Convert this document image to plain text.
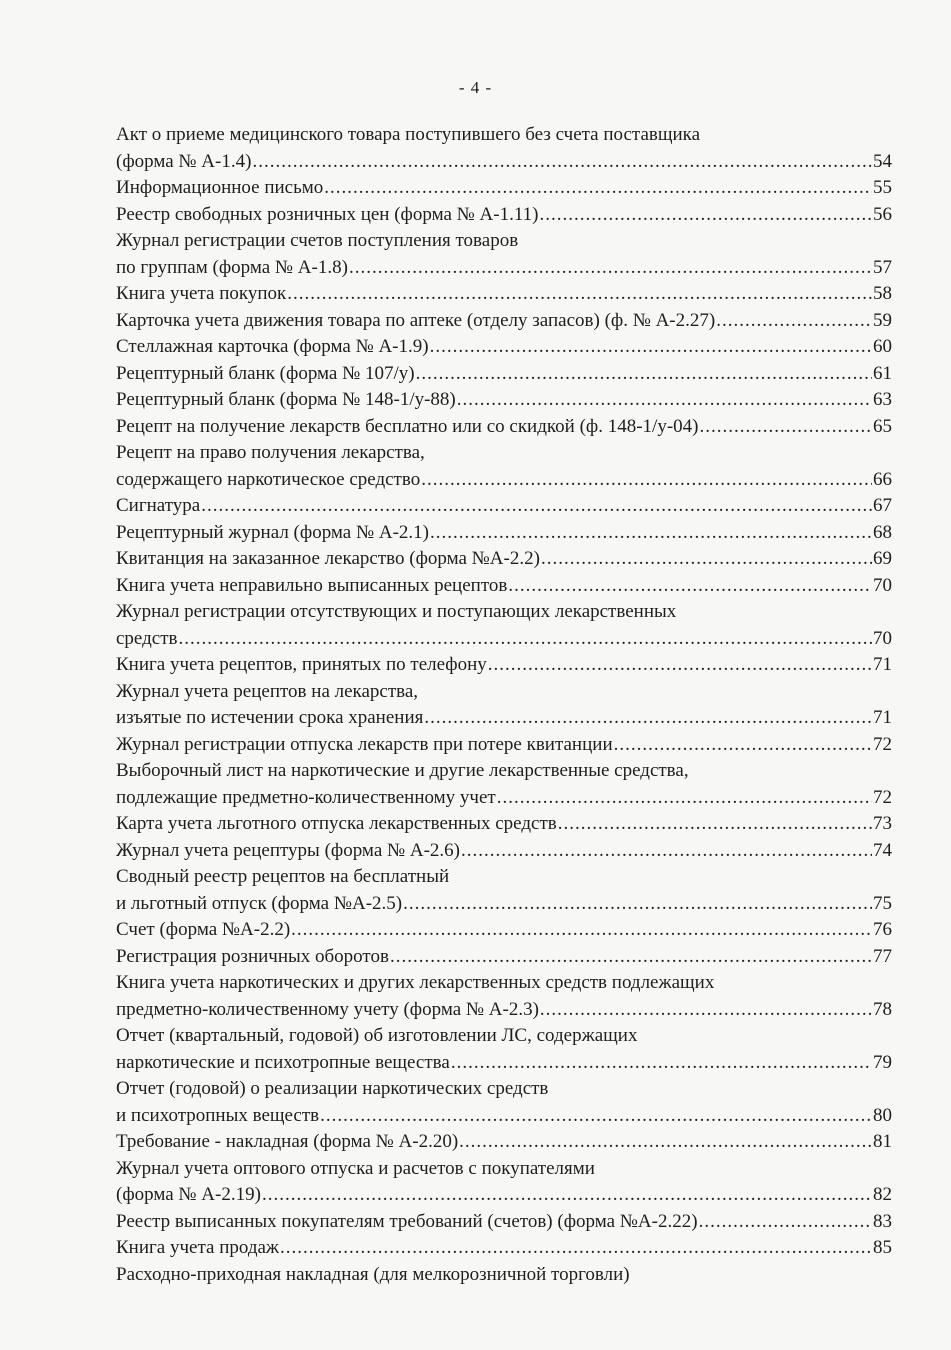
- 4 -
Акт о приеме медицинского товара поступившего без счета поставщика
(форма № А-1.4) .....	54
Информационное письмо .....	55
Реестр свободных розничных цен (форма № А-1.11) .....	56
Журнал регистрации счетов поступления товаров
по группам (форма № А-1.8) .....	57
Книга учета покупок .....	58
Карточка учета движения товара по аптеке (отделу запасов) (ф. № А-2.27) .....	59
Стеллажная карточка (форма № А-1.9) .....	60
Рецептурный бланк (форма № 107/у) .....	61
Рецептурный бланк (форма № 148-1/у-88) .....	63
Рецепт на получение лекарств бесплатно или со скидкой (ф. 148-1/у-04) .....	65
Рецепт на право получения лекарства,
содержащего наркотическое средство .....	66
Сигнатура .....	67
Рецептурный журнал (форма № А-2.1) .....	68
Квитанция на заказанное лекарство (форма №А-2.2) .....	69
Книга учета неправильно выписанных рецептов .....	70
Журнал регистрации отсутствующих и поступающих лекарственных
средств .....	70
Книга учета рецептов, принятых по телефону .....	71
Журнал учета рецептов на лекарства,
изъятые по истечении срока хранения .....	71
Журнал регистрации отпуска лекарств при потере квитанции .....	72
Выборочный лист на наркотические и другие лекарственные средства,
подлежащие предметно-количественному учет .....	72
Карта учета льготного отпуска лекарственных средств .....	73
Журнал учета рецептуры (форма № А-2.6) .....	74
Сводный реестр рецептов на бесплатный
и льготный отпуск (форма №А-2.5) .....	75
Счет (форма №А-2.2) .....	76
Регистрация розничных оборотов .....	77
Книга учета наркотических и других лекарственных средств подлежащих
предметно-количественному учету (форма № А-2.3) .....	78
Отчет (квартальный, годовой) об изготовлении ЛС, содержащих
наркотические и психотропные вещества .....	79
Отчет (годовой) о реализации наркотических средств
и психотропных веществ .....	80
Требование - накладная (форма № А-2.20) .....	81
Журнал учета оптового отпуска и расчетов с покупателями
(форма № А-2.19) .....	82
Реестр выписанных покупателям требований (счетов) (форма №А-2.22) .....	83
Книга учета продаж .....	85
Расходно-приходная накладная (для мелкорозничной торговли)
